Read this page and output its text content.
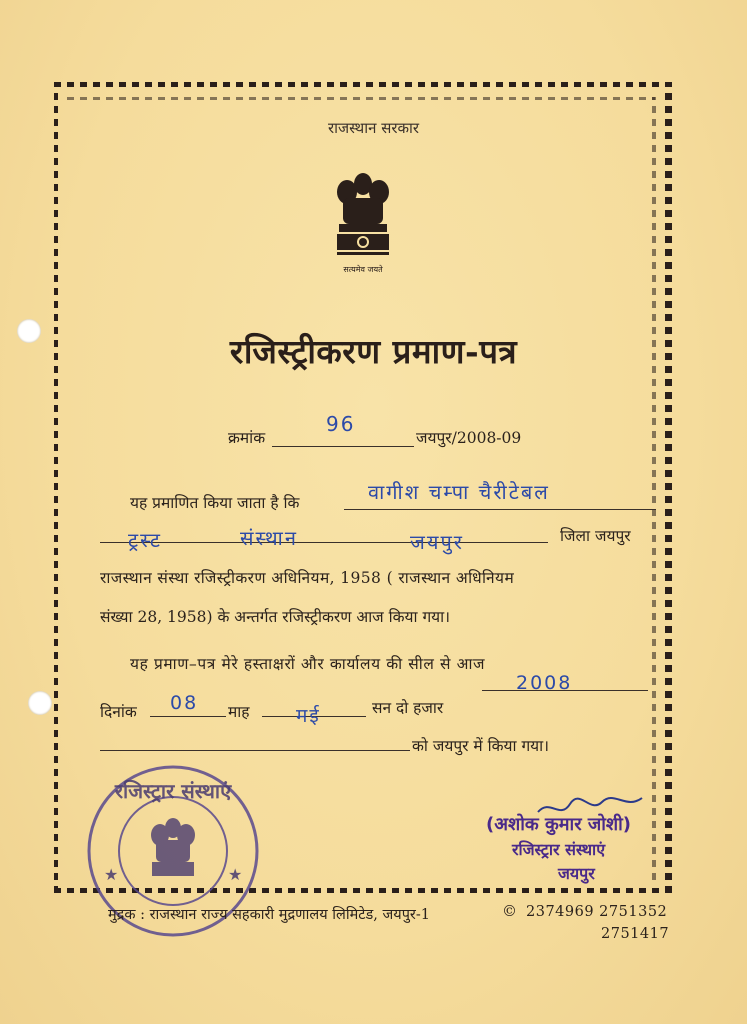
राजस्थान सरकार
सत्यमेव जयते
रजिस्ट्रीकरण प्रमाण-पत्र
क्रमांक
96
जयपुर/2008-09
यह प्रमाणित किया जाता है कि	वागीश चम्पा चैरीटेबल
ट्रस्ट	संस्थान	जयपुर	जिला जयपुर
राजस्थान संस्था रजिस्ट्रीकरण अधिनियम, 1958 ( राजस्थान अधिनियम
संख्या 28, 1958) के अन्तर्गत रजिस्ट्रीकरण आज किया गया।
यह प्रमाण–पत्र मेरे हस्ताक्षरों और कार्यालय की सील से आज
दिनांक 08 माह मई	सन दो हजार
2008
को जयपुर में किया गया।
रजिस्ट्रार संस्थाएं
★	★
(अशोक कुमार जोशी)
रजिस्ट्रार संस्थाएं
जयपुर
मुद्रक : राजस्थान राज्य सहकारी मुद्रणालय लिमिटेड, जयपुर-1	© 2374969 2751352
2751417
